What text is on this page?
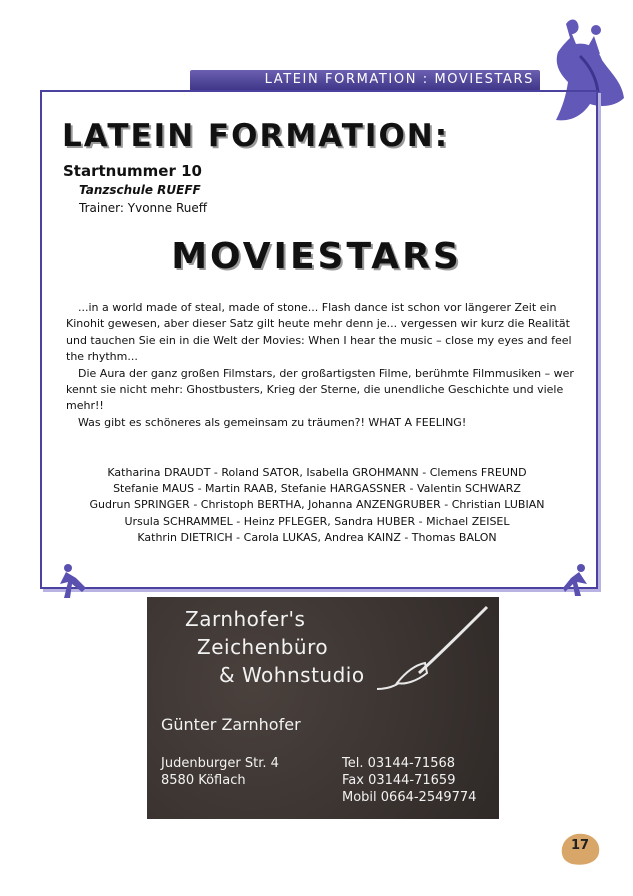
LATEIN FORMATION : MOVIESTARS
LATEIN FORMATION:
Startnummer 10
Tanzschule RUEFF
Trainer: Yvonne Rueff
MOVIESTARS

...in a world made of steal, made of stone... Flash dance ist schon vor längerer Zeit ein Kinohit gewesen, aber dieser Satz gilt heute mehr denn je... vergessen wir kurz die Realität und tauchen Sie ein in die Welt der Movies: When I hear the music – close my eyes and feel the rhythm...

Die Aura der ganz großen Filmstars, der großartigsten Filme, berühmte Filmmusiken – wer kennt sie nicht mehr: Ghostbusters, Krieg der Sterne, die unendliche Geschichte und viele mehr!!

Was gibt es schöneres als gemeinsam zu träumen?! WHAT A FEELING!

Katharina DRAUDT - Roland SATOR, Isabella GROHMANN - Clemens FREUND
Stefanie MAUS - Martin RAAB, Stefanie HARGASSNER - Valentin SCHWARZ
Gudrun SPRINGER - Christoph BERTHA, Johanna ANZENGRUBER - Christian LUBIAN
Ursula SCHRAMMEL - Heinz PFLEGER, Sandra HUBER - Michael ZEISEL
Kathrin DIETRICH - Carola LUKAS, Andrea KAINZ - Thomas BALON
Zarnhofer's
Zeichenbüro
& Wohnstudio
Günter Zarnhofer
Judenburger Str. 4
8580 Köflach
Tel. 03144-71568
Fax 03144-71659
Mobil 0664-2549774
17
